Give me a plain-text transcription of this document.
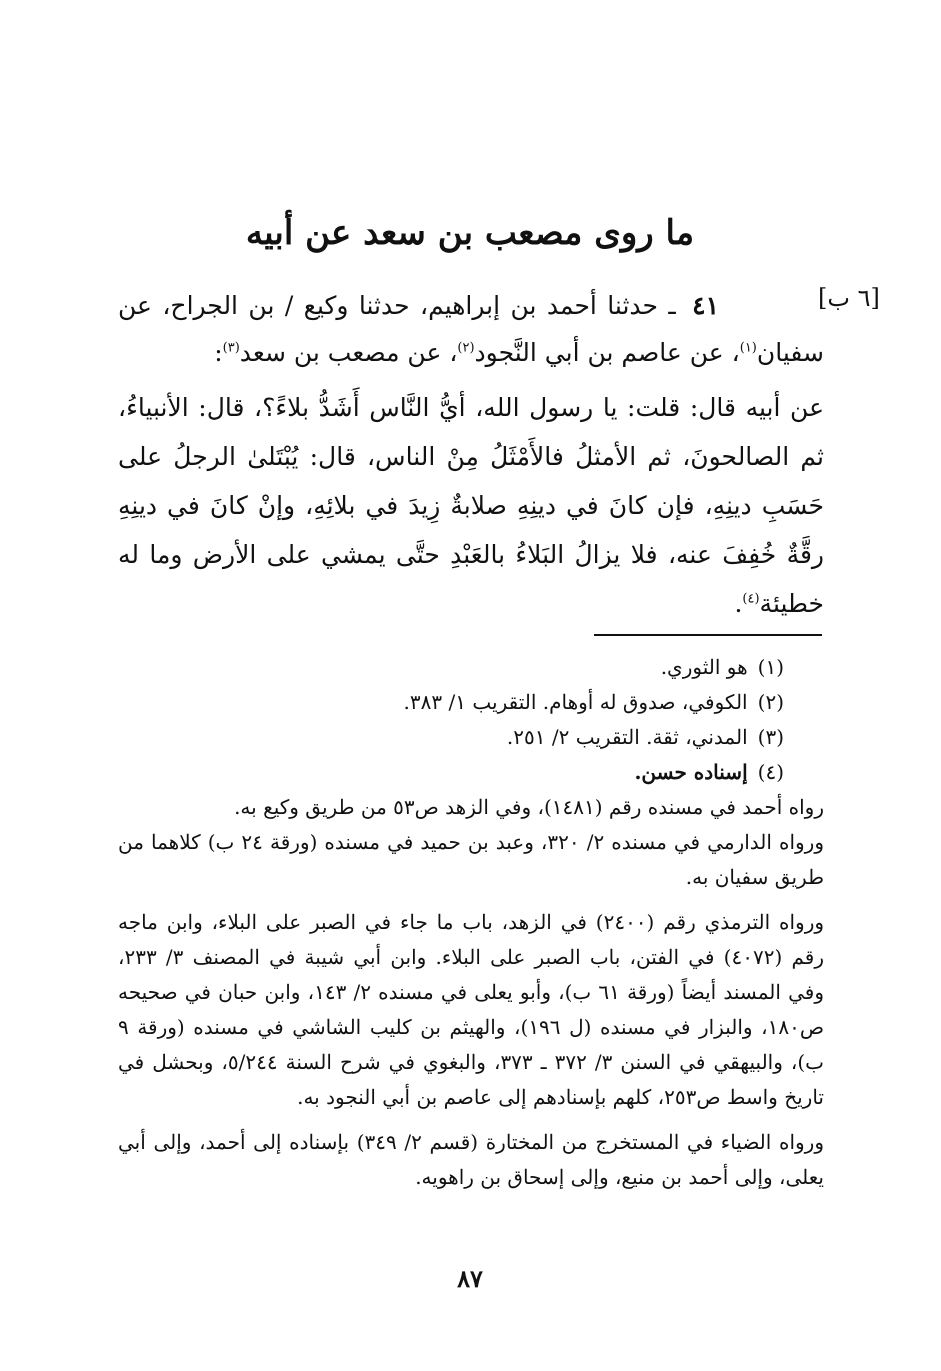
ما روى مصعب بن سعد عن أبيه
[٦ ب]
٤١ ـ حدثنا أحمد بن إبراهيم، حدثنا وكيع / بن الجراح، عن
سفيان$^{(١)}$، عن عاصم بن أبي النَّجود$^{(٢)}$، عن مصعب بن سعد$^{(٣)}$:
عن أبيه قال: قلت: يا رسول الله، أيُّ النَّاس أَشَدُّ بلاءً؟، قال: الأنبياءُ، ثم الصالحونَ، ثم الأمثلُ فالأَمْثَلُ مِنْ الناس، قال: يُبْتَلىٰ الرجلُ على حَسَبِ دينِهِ، فإن كانَ في دينِهِ صلابةٌ زِيدَ في بلائِهِ، وإنْ كانَ في دينِهِ رقَّةٌ خُفِفَ عنه، فلا يزالُ البَلاءُ بالعَبْدِ حتَّى يمشي على الأرض وما له خطيئة$^{(٤)}$.
(١)هو الثوري.
(٢)الكوفي، صدوق له أوهام. التقريب ١/ ٣٨٣.
(٣)المدني، ثقة. التقريب ٢/ ٢٥١.
(٤)إسناده حسن.
رواه أحمد في مسنده رقم (١٤٨١)، وفي الزهد ص٥٣ من طريق وكيع به.
ورواه الدارمي في مسنده ٢/ ٣٢٠، وعبد بن حميد في مسنده (ورقة ٢٤ ب) كلاهما من طريق سفيان به.
ورواه الترمذي رقم (٢٤٠٠) في الزهد، باب ما جاء في الصبر على البلاء، وابن ماجه رقم (٤٠٧٢) في الفتن، باب الصبر على البلاء. وابن أبي شيبة في المصنف ٣/ ٢٣٣، وفي المسند أيضاً (ورقة ٦١ ب)، وأبو يعلى في مسنده ٢/ ١٤٣، وابن حبان في صحيحه ص١٨٠، والبزار في مسنده (ل ١٩٦)، والهيثم بن كليب الشاشي في مسنده (ورقة ٩ ب)، والبيهقي في السنن ٣/ ٣٧٢ ـ ٣٧٣، والبغوي في شرح السنة ٥/٢٤٤، وبحشل في تاريخ واسط ص٢٥٣، كلهم بإسنادهم إلى عاصم بن أبي النجود به.
ورواه الضياء في المستخرج من المختارة (قسم ٢/ ٣٤٩) بإسناده إلى أحمد، وإلى أبي يعلى، وإلى أحمد بن منيع، وإلى إسحاق بن راهويه.
٨٧
